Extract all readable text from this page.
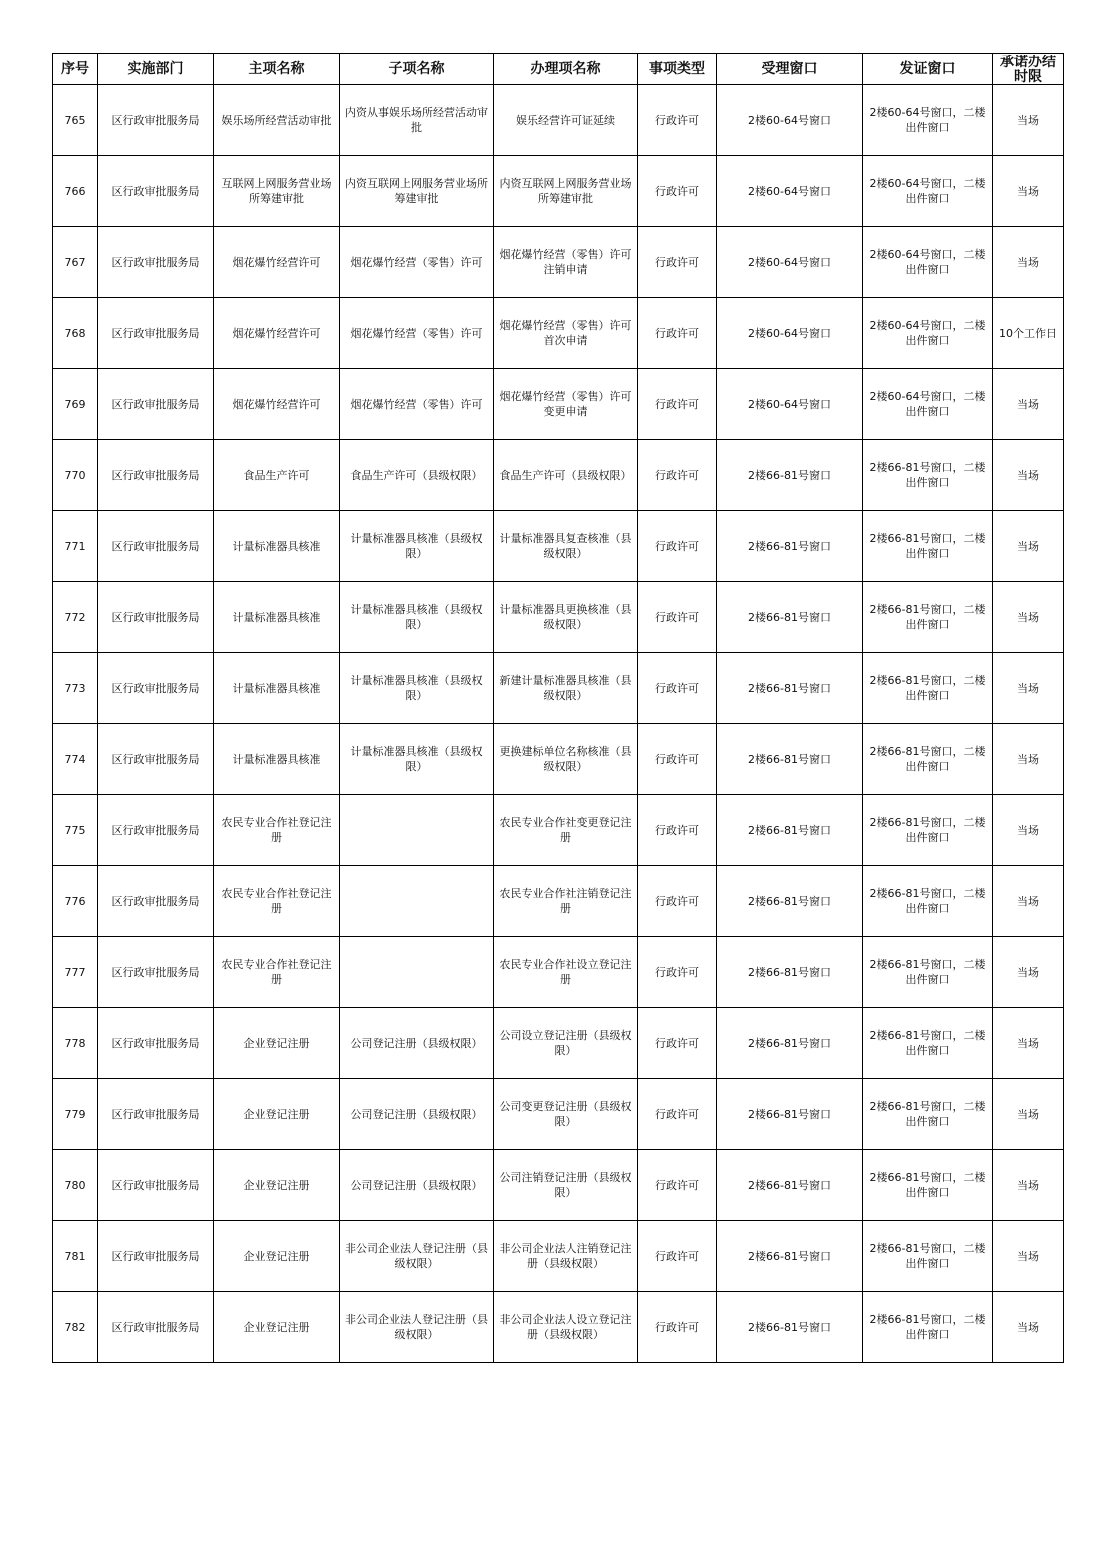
序号	实施部门	主项名称	子项名称	办理项名称	事项类型	受理窗口	发证窗口	承诺办结时限

765	区行政审批服务局	娱乐场所经营活动审批	内资从事娱乐场所经营活动审批	娱乐经营许可证延续	行政许可	2楼60-64号窗口	2楼60-64号窗口，二楼出件窗口	当场
766	区行政审批服务局	互联网上网服务营业场所筹建审批	内资互联网上网服务营业场所筹建审批	内资互联网上网服务营业场所筹建审批	行政许可	2楼60-64号窗口	2楼60-64号窗口，二楼出件窗口	当场
767	区行政审批服务局	烟花爆竹经营许可	烟花爆竹经营（零售）许可	烟花爆竹经营（零售）许可注销申请	行政许可	2楼60-64号窗口	2楼60-64号窗口，二楼出件窗口	当场
768	区行政审批服务局	烟花爆竹经营许可	烟花爆竹经营（零售）许可	烟花爆竹经营（零售）许可首次申请	行政许可	2楼60-64号窗口	2楼60-64号窗口，二楼出件窗口	10个工作日
769	区行政审批服务局	烟花爆竹经营许可	烟花爆竹经营（零售）许可	烟花爆竹经营（零售）许可变更申请	行政许可	2楼60-64号窗口	2楼60-64号窗口，二楼出件窗口	当场
770	区行政审批服务局	食品生产许可	食品生产许可（县级权限）	食品生产许可（县级权限）	行政许可	2楼66-81号窗口	2楼66-81号窗口，二楼出件窗口	当场
771	区行政审批服务局	计量标准器具核准	计量标准器具核准（县级权限）	计量标准器具复查核准（县级权限）	行政许可	2楼66-81号窗口	2楼66-81号窗口，二楼出件窗口	当场
772	区行政审批服务局	计量标准器具核准	计量标准器具核准（县级权限）	计量标准器具更换核准（县级权限）	行政许可	2楼66-81号窗口	2楼66-81号窗口，二楼出件窗口	当场
773	区行政审批服务局	计量标准器具核准	计量标准器具核准（县级权限）	新建计量标准器具核准（县级权限）	行政许可	2楼66-81号窗口	2楼66-81号窗口，二楼出件窗口	当场
774	区行政审批服务局	计量标准器具核准	计量标准器具核准（县级权限）	更换建标单位名称核准（县级权限）	行政许可	2楼66-81号窗口	2楼66-81号窗口，二楼出件窗口	当场
775	区行政审批服务局	农民专业合作社登记注册		农民专业合作社变更登记注册	行政许可	2楼66-81号窗口	2楼66-81号窗口，二楼出件窗口	当场
776	区行政审批服务局	农民专业合作社登记注册		农民专业合作社注销登记注册	行政许可	2楼66-81号窗口	2楼66-81号窗口，二楼出件窗口	当场
777	区行政审批服务局	农民专业合作社登记注册		农民专业合作社设立登记注册	行政许可	2楼66-81号窗口	2楼66-81号窗口，二楼出件窗口	当场
778	区行政审批服务局	企业登记注册	公司登记注册（县级权限）	公司设立登记注册（县级权限）	行政许可	2楼66-81号窗口	2楼66-81号窗口，二楼出件窗口	当场
779	区行政审批服务局	企业登记注册	公司登记注册（县级权限）	公司变更登记注册（县级权限）	行政许可	2楼66-81号窗口	2楼66-81号窗口，二楼出件窗口	当场
780	区行政审批服务局	企业登记注册	公司登记注册（县级权限）	公司注销登记注册（县级权限）	行政许可	2楼66-81号窗口	2楼66-81号窗口，二楼出件窗口	当场
781	区行政审批服务局	企业登记注册	非公司企业法人登记注册（县级权限）	非公司企业法人注销登记注册（县级权限）	行政许可	2楼66-81号窗口	2楼66-81号窗口，二楼出件窗口	当场
782	区行政审批服务局	企业登记注册	非公司企业法人登记注册（县级权限）	非公司企业法人设立登记注册（县级权限）	行政许可	2楼66-81号窗口	2楼66-81号窗口，二楼出件窗口	当场
